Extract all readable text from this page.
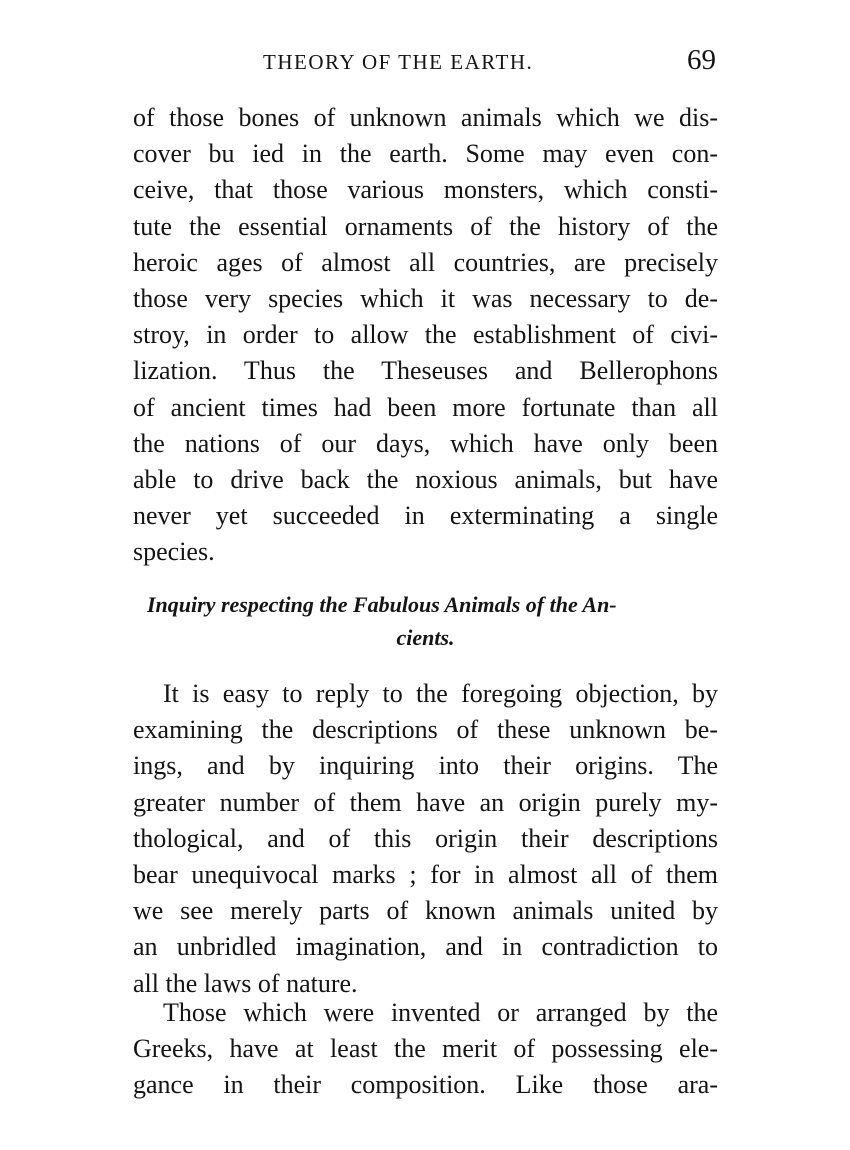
THEORY OF THE EARTH.	69

of those bones of unknown animals which we dis-
cover bu ied in the earth. Some may even con-
ceive, that those various monsters, which consti-
tute the essential ornaments of the history of the
heroic ages of almost all countries, are precisely
those very species which it was necessary to de-
stroy, in order to allow the establishment of civi-
lization. Thus the Theseuses and Bellerophons
of ancient times had been more fortunate than all
the nations of our days, which have only been
able to drive back the noxious animals, but have
never yet succeeded in exterminating a single
species.

Inquiry respecting the Fabulous Animals of the An-
cients.

It is easy to reply to the foregoing objection, by
examining the descriptions of these unknown be-
ings, and by inquiring into their origins. The
greater number of them have an origin purely my-
thological, and of this origin their descriptions
bear unequivocal marks ; for in almost all of them
we see merely parts of known animals united by
an unbridled imagination, and in contradiction to
all the laws of nature.

Those which were invented or arranged by the
Greeks, have at least the merit of possessing ele-
gance in their composition. Like those ara-
